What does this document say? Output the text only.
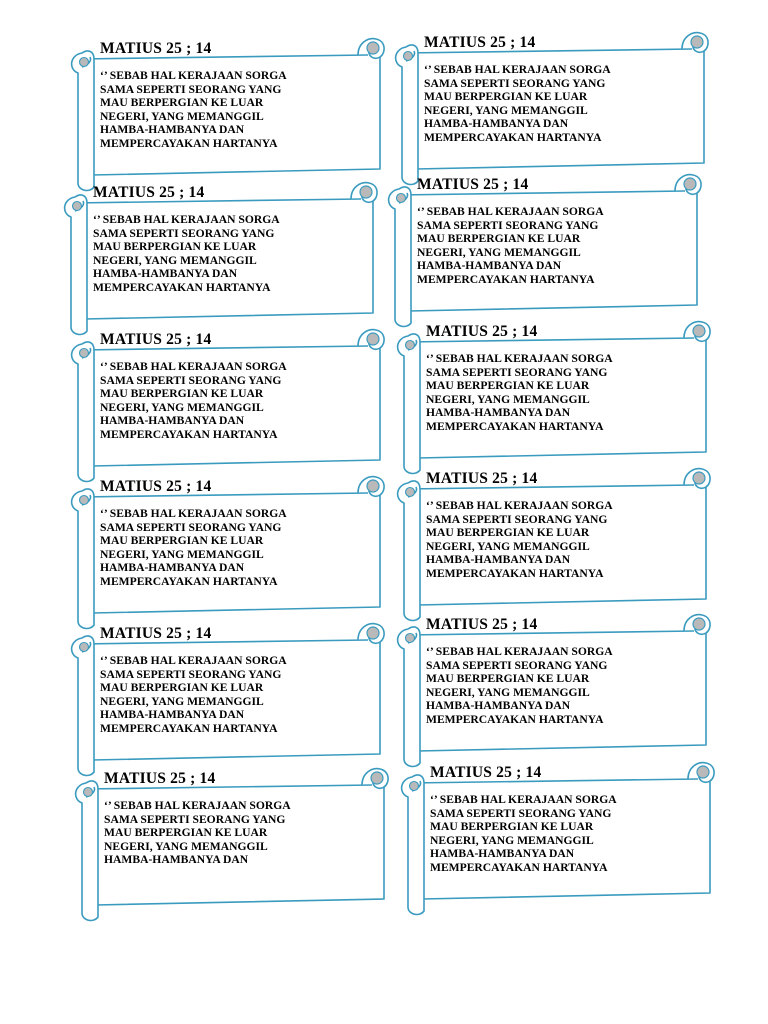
MATIUS 25 ; 14
‘’ SEBAB HAL KERAJAAN SORGA
SAMA SEPERTI SEORANG YANG
MAU BERPERGIAN KE LUAR
NEGERI, YANG MEMANGGIL
HAMBA-HAMBANYA DAN
MEMPERCAYAKAN HARTANYA
MATIUS 25 ; 14
‘’ SEBAB HAL KERAJAAN SORGA
SAMA SEPERTI SEORANG YANG
MAU BERPERGIAN KE LUAR
NEGERI, YANG MEMANGGIL
HAMBA-HAMBANYA DAN
MEMPERCAYAKAN HARTANYA
MATIUS 25 ; 14
‘’ SEBAB HAL KERAJAAN SORGA
SAMA SEPERTI SEORANG YANG
MAU BERPERGIAN KE LUAR
NEGERI, YANG MEMANGGIL
HAMBA-HAMBANYA DAN
MEMPERCAYAKAN HARTANYA
MATIUS 25 ; 14
‘’ SEBAB HAL KERAJAAN SORGA
SAMA SEPERTI SEORANG YANG
MAU BERPERGIAN KE LUAR
NEGERI, YANG MEMANGGIL
HAMBA-HAMBANYA DAN
MEMPERCAYAKAN HARTANYA
MATIUS 25 ; 14
‘’ SEBAB HAL KERAJAAN SORGA
SAMA SEPERTI SEORANG YANG
MAU BERPERGIAN KE LUAR
NEGERI, YANG MEMANGGIL
HAMBA-HAMBANYA DAN
MEMPERCAYAKAN HARTANYA
MATIUS 25 ; 14
‘’ SEBAB HAL KERAJAAN SORGA
SAMA SEPERTI SEORANG YANG
MAU BERPERGIAN KE LUAR
NEGERI, YANG MEMANGGIL
HAMBA-HAMBANYA DAN
MEMPERCAYAKAN HARTANYA
MATIUS 25 ; 14
‘’ SEBAB HAL KERAJAAN SORGA
SAMA SEPERTI SEORANG YANG
MAU BERPERGIAN KE LUAR
NEGERI, YANG MEMANGGIL
HAMBA-HAMBANYA DAN
MEMPERCAYAKAN HARTANYA
MATIUS 25 ; 14
‘’ SEBAB HAL KERAJAAN SORGA
SAMA SEPERTI SEORANG YANG
MAU BERPERGIAN KE LUAR
NEGERI, YANG MEMANGGIL
HAMBA-HAMBANYA DAN
MEMPERCAYAKAN HARTANYA
MATIUS 25 ; 14
‘’ SEBAB HAL KERAJAAN SORGA
SAMA SEPERTI SEORANG YANG
MAU BERPERGIAN KE LUAR
NEGERI, YANG MEMANGGIL
HAMBA-HAMBANYA DAN
MEMPERCAYAKAN HARTANYA
MATIUS 25 ; 14
‘’ SEBAB HAL KERAJAAN SORGA
SAMA SEPERTI SEORANG YANG
MAU BERPERGIAN KE LUAR
NEGERI, YANG MEMANGGIL
HAMBA-HAMBANYA DAN
MEMPERCAYAKAN HARTANYA
MATIUS 25 ; 14
‘’ SEBAB HAL KERAJAAN SORGA
SAMA SEPERTI SEORANG YANG
MAU BERPERGIAN KE LUAR
NEGERI, YANG MEMANGGIL
HAMBA-HAMBANYA DAN
MATIUS 25 ; 14
‘’ SEBAB HAL KERAJAAN SORGA
SAMA SEPERTI SEORANG YANG
MAU BERPERGIAN KE LUAR
NEGERI, YANG MEMANGGIL
HAMBA-HAMBANYA DAN
MEMPERCAYAKAN HARTANYA
